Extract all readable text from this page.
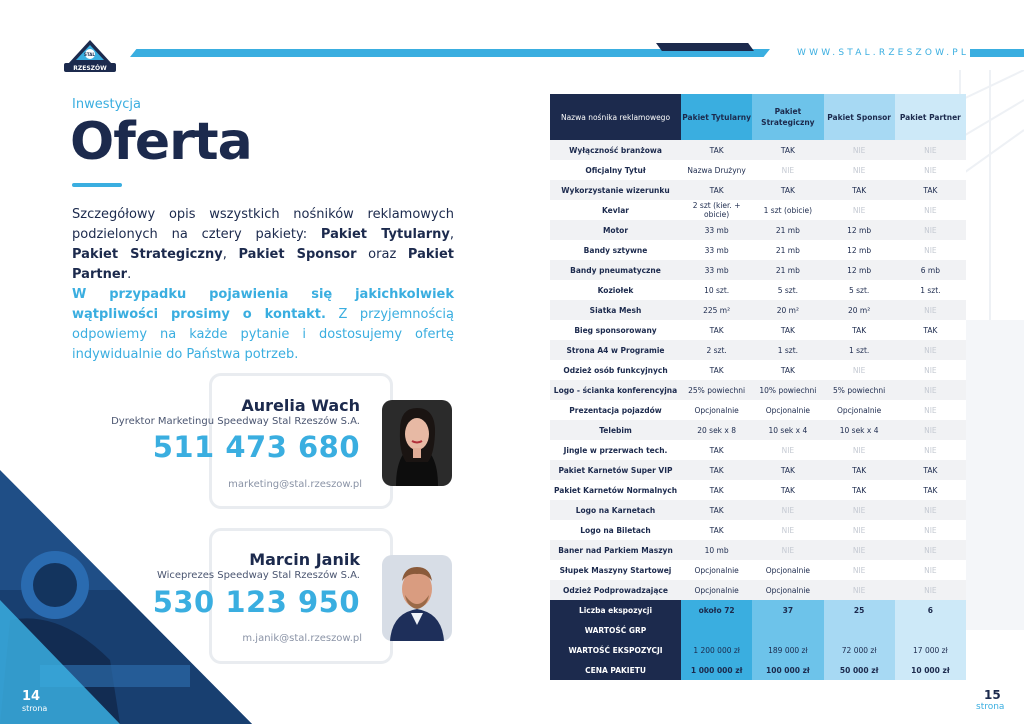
RZESZÓW
STAL	WWW.STAL.RZESZOW.PL
Inwestycja
Oferta

Szczegółowy opis wszystkich nośników reklamowych podzielonych na cztery pakiety: Pakiet Tytularny, Pakiet Strategiczny, Pakiet Sponsor oraz Pakiet Partner.

W przypadku pojawienia się jakichkolwiek wątpliwości prosimy o kontakt. Z przyjemnością odpowiemy na każde pytanie i dostosujemy ofertę indywidualnie do Państwa potrzeb.

Aurelia Wach
Dyrektor Marketingu Speedway Stal Rzeszów S.A.
511 473 680
marketing@stal.rzeszow.pl
Marcin Janik
Wiceprezes Speedway Stal Rzeszów S.A.
530 123 950
m.janik@stal.rzeszow.pl
14
strona
Nazwa nośnika reklamowego	Pakiet Tytularny	Pakiet Strategiczny	Pakiet Sponsor	Pakiet Partner
Wyłączność branżowa	TAK	TAK	NIE	NIE
Oficjalny Tytuł	Nazwa Drużyny	NIE	NIE	NIE
Wykorzystanie wizerunku	TAK	TAK	TAK	TAK
Kevlar	2 szt (kier. + obicie)	1 szt (obicie)	NIE	NIE
Motor	33 mb	21 mb	12 mb	NIE
Bandy sztywne	33 mb	21 mb	12 mb	NIE
Bandy pneumatyczne	33 mb	21 mb	12 mb	6 mb
Koziołek	10 szt.	5 szt.	5 szt.	1 szt.
Siatka Mesh	225 m²	20 m²	20 m²	NIE
Bieg sponsorowany	TAK	TAK	TAK	TAK
Strona A4 w Programie	2 szt.	1 szt.	1 szt.	NIE
Odzież osób funkcyjnych	TAK	TAK	NIE	NIE
Logo - ścianka konferencyjna	25% powiechni	10% powiechni	5% powiechni	NIE
Prezentacja pojazdów	Opcjonalnie	Opcjonalnie	Opcjonalnie	NIE
Telebim	20 sek x 8	10 sek x 4	10 sek x 4	NIE
Jingle w przerwach tech.	TAK	NIE	NIE	NIE
Pakiet Karnetów Super VIP	TAK	TAK	TAK	TAK
Pakiet Karnetów Normalnych	TAK	TAK	TAK	TAK
Logo na Karnetach	TAK	NIE	NIE	NIE
Logo na Biletach	TAK	NIE	NIE	NIE
Baner nad Parkiem Maszyn	10 mb	NIE	NIE	NIE
Słupek Maszyny Startowej	Opcjonalnie	Opcjonalnie	NIE	NIE
Odzież Podprowadzające	Opcjonalnie	Opcjonalnie	NIE	NIE
Liczba ekspozycji	około 72	37	25	6
WARTOŚĆ GRP				
WARTOŚĆ EKSPOZYCJI	1 200 000 zł	189 000 zł	72 000 zł	17 000 zł
CENA PAKIETU	1 000 000 zł	100 000 zł	50 000 zł	10 000 zł
15
strona
